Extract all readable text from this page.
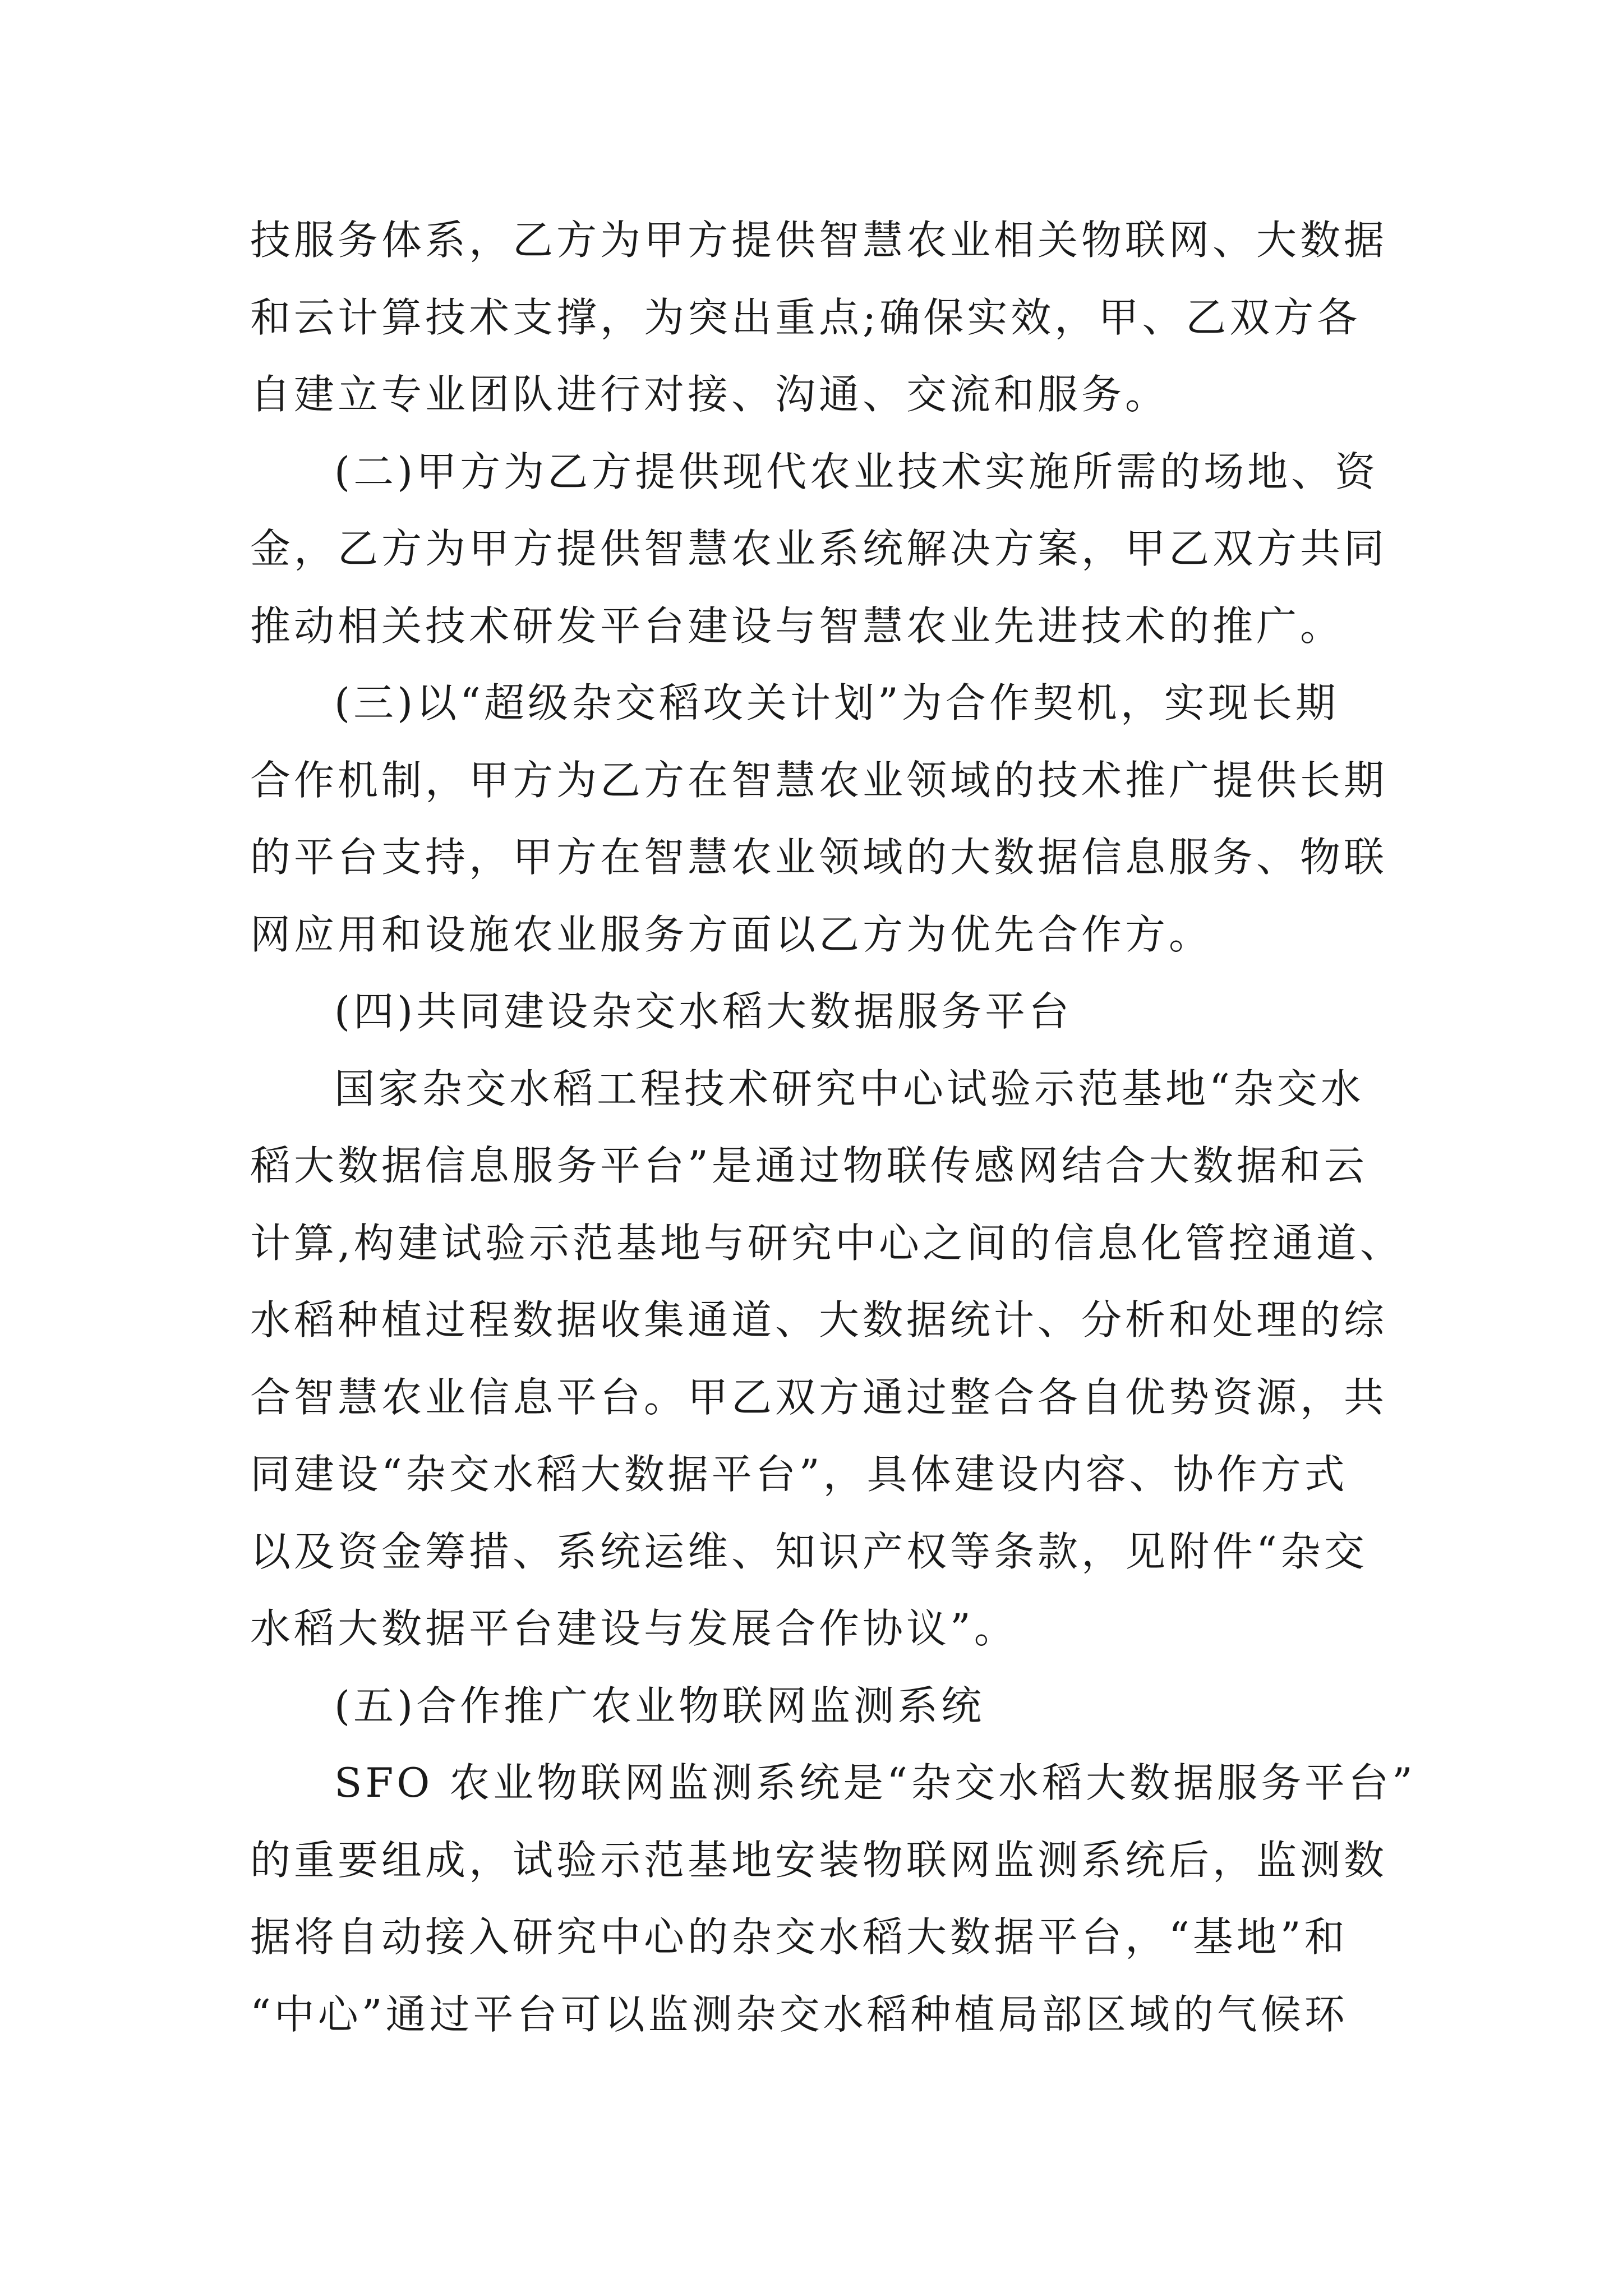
技服务体系，乙方为甲方提供智慧农业相关物联网、大数据
和云计算技术支撑，为突出重点;确保实效，甲、乙双方各
自建立专业团队进行对接、沟通、交流和服务。
(二)甲方为乙方提供现代农业技术实施所需的场地、资
金，乙方为甲方提供智慧农业系统解决方案，甲乙双方共同
推动相关技术研发平台建设与智慧农业先进技术的推广。
(三)以“超级杂交稻攻关计划”为合作契机，实现长期
合作机制，甲方为乙方在智慧农业领域的技术推广提供长期
的平台支持，甲方在智慧农业领域的大数据信息服务、物联
网应用和设施农业服务方面以乙方为优先合作方。
(四)共同建设杂交水稻大数据服务平台
国家杂交水稻工程技术研究中心试验示范基地“杂交水
稻大数据信息服务平台”是通过物联传感网结合大数据和云
计算,构建试验示范基地与研究中心之间的信息化管控通道、
水稻种植过程数据收集通道、大数据统计、分析和处理的综
合智慧农业信息平台。甲乙双方通过整合各自优势资源，共
同建设“杂交水稻大数据平台”，具体建设内容、协作方式
以及资金筹措、系统运维、知识产权等条款，见附件“杂交
水稻大数据平台建设与发展合作协议”。
(五)合作推广农业物联网监测系统
SFO 农业物联网监测系统是“杂交水稻大数据服务平台”
的重要组成，试验示范基地安装物联网监测系统后，监测数
据将自动接入研究中心的杂交水稻大数据平台，“基地”和
“中心”通过平台可以监测杂交水稻种植局部区域的气候环
